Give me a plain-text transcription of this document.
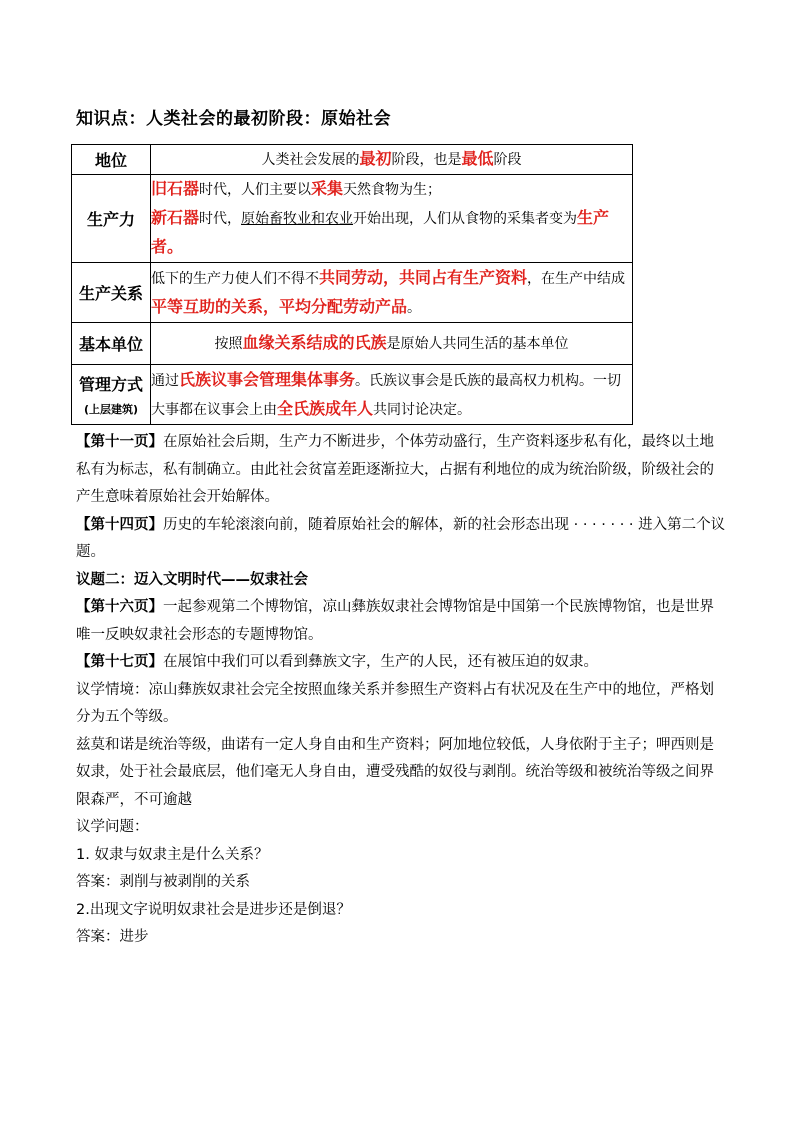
知识点：人类社会的最初阶段：原始社会
地位	人类社会发展的最初阶段，也是最低阶段
生产力	旧石器时代，人们主要以采集天然食物为生；
新石器时代，原始畜牧业和农业开始出现，人们从食物的采集者变为生产者。

生产关系	低下的生产力使人们不得不共同劳动，共同占有生产资料，在生产中结成平等互助的关系，平均分配劳动产品。
基本单位	按照血缘关系结成的氏族是原始人共同生活的基本单位
管理方式
(上层建筑)	通过氏族议事会管理集体事务。氏族议事会是氏族的最高权力机构。一切大事都在议事会上由全氏族成年人共同讨论决定。

【第十一页】在原始社会后期，生产力不断进步，个体劳动盛行，生产资料逐步私有化，最终以土地私有为标志，私有制确立。由此社会贫富差距逐渐拉大，占据有利地位的成为统治阶级，阶级社会的产生意味着原始社会开始解体。

【第十四页】历史的车轮滚滚向前，随着原始社会的解体，新的社会形态出现 · · · · · · · 进入第二个议题。

议题二：迈入文明时代——奴隶社会

【第十六页】一起参观第二个博物馆，凉山彝族奴隶社会博物馆是中国第一个民族博物馆，也是世界唯一反映奴隶社会形态的专题博物馆。

【第十七页】在展馆中我们可以看到彝族文字，生产的人民，还有被压迫的奴隶。

议学情境：凉山彝族奴隶社会完全按照血缘关系并参照生产资料占有状况及在生产中的地位，严格划分为五个等级。

兹莫和诺是统治等级，曲诺有一定人身自由和生产资料；阿加地位较低，人身依附于主子；呷西则是奴隶，处于社会最底层，他们毫无人身自由，遭受残酷的奴役与剥削。统治等级和被统治等级之间界限森严，不可逾越

议学问题：

1. 奴隶与奴隶主是什么关系？

答案：剥削与被剥削的关系

2.出现文字说明奴隶社会是进步还是倒退？

答案：进步
